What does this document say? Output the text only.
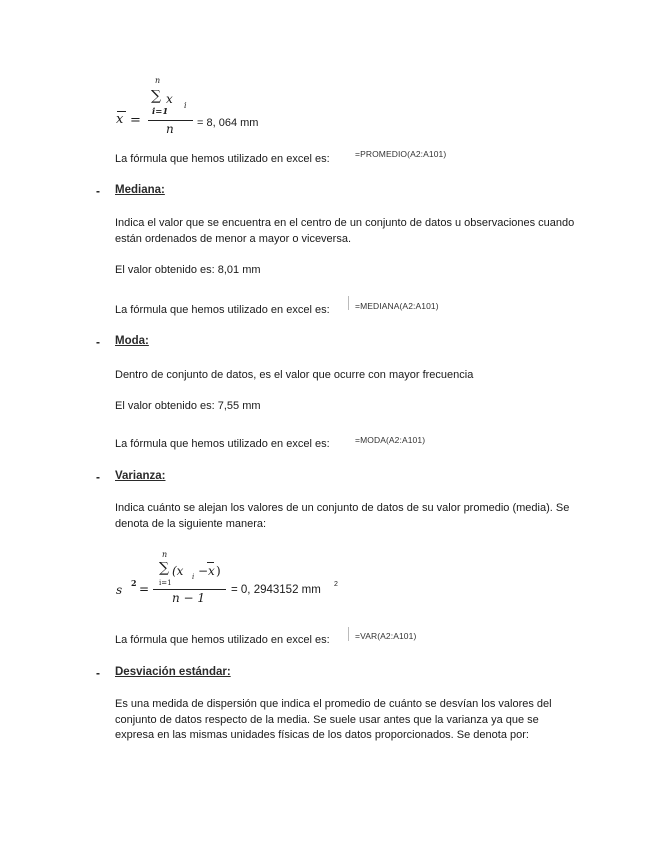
n
∑ x i
i=1
n
x =	= 8, 064 mm
La fórmula que hemos utilizado en excel es:	=PROMEDIO(A2:A101)
- Mediana:
Indica el valor que se encuentra en el centro de un conjunto de datos u observaciones cuando están ordenados de menor a mayor o viceversa.
El valor obtenido es: 8,01 mm
La fórmula que hemos utilizado en excel es:	=MEDIANA(A2:A101)
- Moda:
Dentro de conjunto de datos, es el valor que ocurre con mayor frecuencia
El valor obtenido es: 7,55 mm
La fórmula que hemos utilizado en excel es:	=MODA(A2:A101)
- Varianza:
Indica cuánto se alejan los valores de un conjunto de datos de su valor promedio (media). Se denota de la siguiente manera:
n
∑ (x i −x )
i=1
n − 1
s 2 =	= 0, 2943152 mm 2
La fórmula que hemos utilizado en excel es:	=VAR(A2:A101)
- Desviación estándar:
Es una medida de dispersión que indica el promedio de cuánto se desvían los valores del conjunto de datos respecto de la media. Se suele usar antes que la varianza ya que se expresa en las mismas unidades físicas de los datos proporcionados. Se denota por:
